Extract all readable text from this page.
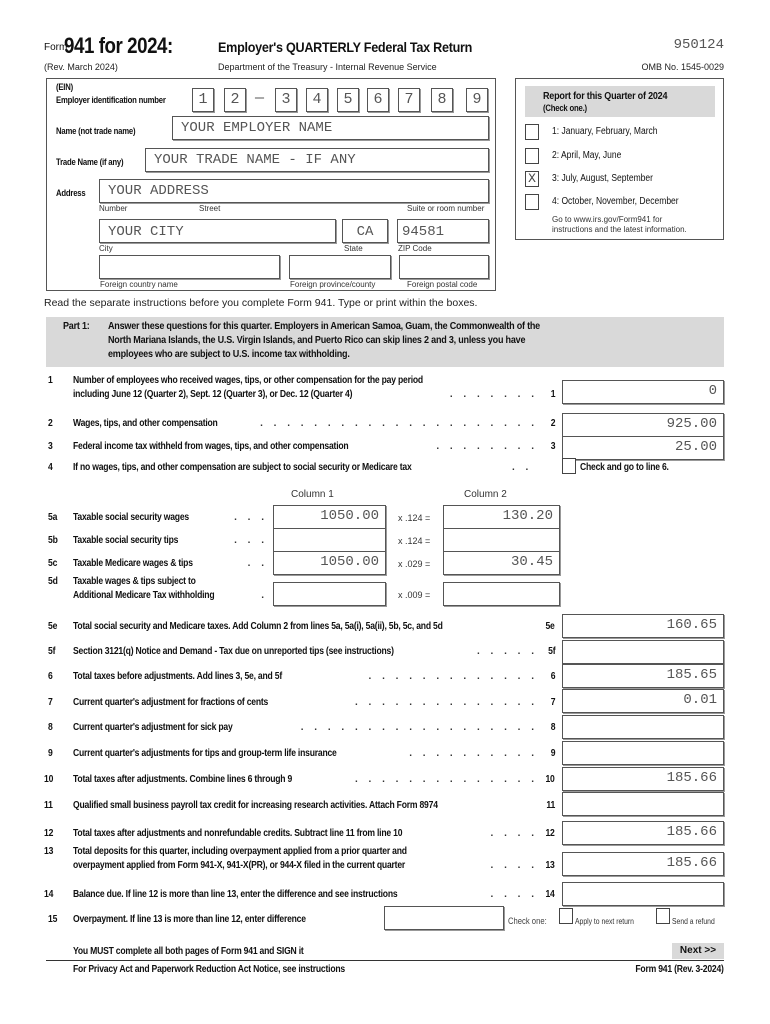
Form
941 for 2024:	Employer's QUARTERLY Federal Tax Return	950124
(Rev. March 2024)	Department of the Treasury - Internal Revenue Service	OMB No. 1545-0029
(EIN)
Employer identification number	1	2	3	4	5	6	7	8	9
—
Name (not trade name)	YOUR EMPLOYER NAME
Trade Name (if any)	YOUR TRADE NAME - IF ANY
Address	YOUR ADDRESS
Number	Street	Suite or room number
YOUR CITY	CA	94581
City	State	ZIP Code
Foreign country name	Foreign province/county	Foreign postal code
Report for this Quarter of 2024
(Check one.)
1: January, February, March
2: April, May, June
X	3: July, August, September
4: October, November, December
Go to www.irs.gov/Form941 for
instructions and the latest information.
Read the separate instructions before you complete Form 941. Type or print within the boxes.
Part 1: Answer these questions for this quarter. Employers in American Samoa, Guam, the Commonwealth of the
North Mariana Islands, the U.S. Virgin Islands, and Puerto Rico can skip lines 2 and 3, unless you have
employees who are subject to U.S. income tax withholding.
1 Number of employees who received wages, tips, or other compensation for the pay period
including June 12 (Quarter 2), Sept. 12 (Quarter 3), or Dec. 12 (Quarter 4)	. . . . . . . 1	0
2 Wages, tips, and other compensation	. . . . . . . . . . . . . . . . . . . . . 2	925.00
3 Federal income tax withheld from wages, tips, and other compensation	. . . . . . . . 3	25.00
5e Total social security and Medicare taxes. Add Column 2 from lines 5a, 5a(i), 5a(ii), 5b, 5c, and 5d	5e	160.65
5f Section 3121(q) Notice and Demand - Tax due on unreported tips (see instructions)	. . . . . 5f
6 Total taxes before adjustments. Add lines 3, 5e, and 5f	. . . . . . . . . . . . . 6	185.65
7 Current quarter's adjustment for fractions of cents	. . . . . . . . . . . . . . 7	0.01
8 Current quarter's adjustment for sick pay	. . . . . . . . . . . . . . . . . . 8
9 Current quarter's adjustments for tips and group-term life insurance	. . . . . . . . . . 9
10 Total taxes after adjustments. Combine lines 6 through 9	. . . . . . . . . . . . . . 10	185.66
11 Qualified small business payroll tax credit for increasing research activities. Attach Form 8974	11
12 Total taxes after adjustments and nonrefundable credits. Subtract line 11 from line 10	. . . . 12	185.66
13 Total deposits for this quarter, including overpayment applied from a prior quarter and
overpayment applied from Form 941-X, 941-X(PR), or 944-X filed in the current quarter	. . . . 13	185.66
14 Balance due. If line 12 is more than line 13, enter the difference and see instructions	. . . . 14
4 If no wages, tips, and other compensation are subject to social security or Medicare tax	. .	Check and go to line 6.
Column 1	Column 2
5a Taxable social security wages	. . .	1050.00 x .124 =	130.20
5b Taxable social security tips	. . .	x .124 =
5c Taxable Medicare wages & tips	. .	1050.00 x .029 =	30.45
5d Taxable wages & tips subject to
Additional Medicare Tax withholding	.	x .009 =
15 Overpayment. If line 13 is more than line 12, enter difference	Check one:	Apply to next return	Send a refund
You MUST complete all both pages of Form 941 and SIGN it	Next >>
For Privacy Act and Paperwork Reduction Act Notice, see instructions	Form 941 (Rev. 3-2024)
